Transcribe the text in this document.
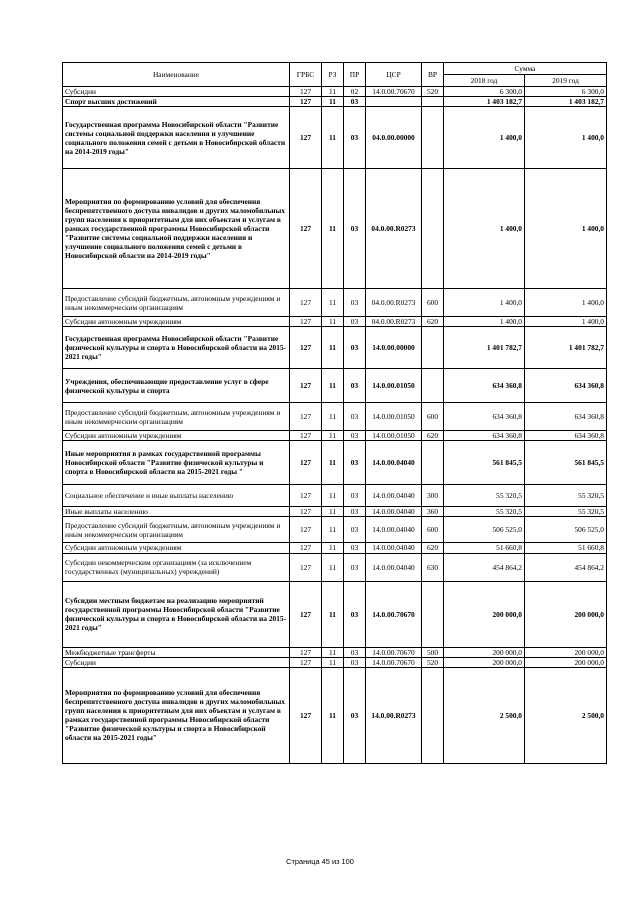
Наименование	ГРБС	РЗ	ПР	ЦСР	ВР	Сумма	
						2018 год	2019 год
Субсидии	127	11	02	14.0.00.70670	520	6 300,0	6 300,0
Спорт высших достижений	127	11	03			1 403 182,7	1 403 182,7
Государственная программа Новосибирской области "Развитие системы социальной поддержки населения и улучшение социального положения семей с детьми в Новосибирской области на 2014-2019 годы"	127	11	03	04.0.00.00000		1 400,0	1 400,0
Мероприятия по формированию условий для обеспечения беспрепятственного доступа инвалидов и других маломобильных групп населения к приоритетным для них объектам и услугам в рамках государственной программы Новосибирской области "Развитие системы социальной поддержки населения и улучшение социального положения семей с детьми в Новосибирской области на 2014-2019 годы"	127	11	03	04.0.00.R0273		1 400,0	1 400,0
Предоставление субсидий бюджетным, автономным учреждениям и иным некоммерческим организациям	127	11	03	04.0.00.R0273	600	1 400,0	1 400,0
Субсидии автономным учреждениям	127	11	03	04.0.00.R0273	620	1 400,0	1 400,0
Государственная программа Новосибирской области "Развитие физической культуры и спорта в Новосибирской области на 2015-2021 годы"	127	11	03	14.0.00.00000		1 401 782,7	1 401 782,7
Учреждения, обеспечивающие предоставление услуг в сфере физической культуры и спорта	127	11	03	14.0.00.01050		634 360,8	634 360,8
Предоставление субсидий бюджетным, автономным учреждениям и иным некоммерческим организациям	127	11	03	14.0.00.01050	600	634 360,8	634 360,8
Субсидии автономным учреждениям	127	11	03	14.0.00.01050	620	634 360,8	634 360,8
Иные мероприятия в рамках государственной программы Новосибирской области "Развитие физической культуры и спорта в Новосибирской области на 2015-2021 годы "	127	11	03	14.0.00.04040		561 845,5	561 845,5
Социальное обеспечение и иные выплаты населению	127	11	03	14.0.00.04040	300	55 320,5	55 320,5
Иные выплаты населению	127	11	03	14.0.00.04040	360	55 320,5	55 320,5
Предоставление субсидий бюджетным, автономным учреждениям и иным некоммерческим организациям	127	11	03	14.0.00.04040	600	506 525,0	506 525,0
Субсидии автономным учреждениям	127	11	03	14.0.00.04040	620	51 660,8	51 660,8
Субсидии некоммерческим организациям (за исключением государственных (муниципальных) учреждений)	127	11	03	14.0.00.04040	630	454 864,2	454 864,2
Субсидии местным бюджетам на реализацию мероприятий государственной программы Новосибирской области "Развитие физической культуры и спорта в Новосибирской области на 2015-2021 годы"	127	11	03	14.0.00.70670		200 000,0	200 000,0
Межбюджетные трансферты	127	11	03	14.0.00.70670	500	200 000,0	200 000,0
Субсидии	127	11	03	14.0.00.70670	520	200 000,0	200 000,0
Мероприятия по формированию условий для обеспечения беспрепятственного доступа инвалидов и других маломобильных групп населения к приоритетным для них объектам и услугам в рамках государственной программы Новосибирской области "Развитие физической культуры и спорта в Новосибирской области на 2015-2021 годы"	127	11	03	14.0.00.R0273		2 500,0	2 500,0
Страница 45 из 100
